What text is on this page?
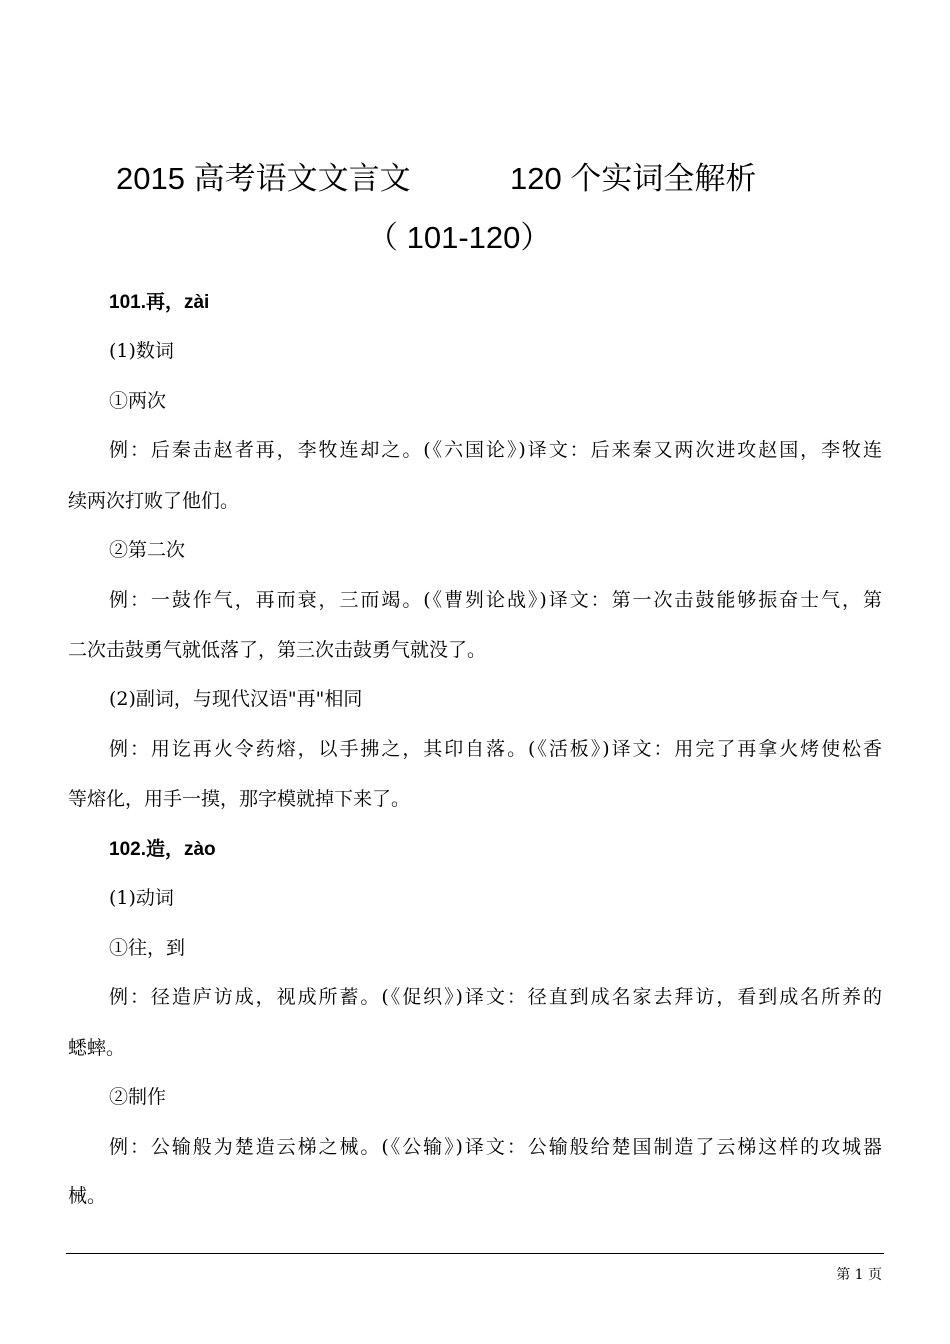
2015 高考语文文言文	120 个实词全解析
（ 101-120）
101.再，zài
(1)数词
①两次
例：后秦击赵者再，李牧连却之。(《六国论》)译文：后来秦又两次进攻赵国，李牧连
续两次打败了他们。
②第二次
例：一鼓作气，再而衰，三而竭。(《曹刿论战》)译文：第一次击鼓能够振奋士气，第
二次击鼓勇气就低落了，第三次击鼓勇气就没了。
(2)副词，与现代汉语"再"相同
例：用讫再火令药熔，以手拂之，其印自落。(《活板》)译文：用完了再拿火烤使松香
等熔化，用手一摸，那字模就掉下来了。
102.造，zào
(1)动词
①往，到
例：径造庐访成，视成所蓄。(《促织》)译文：径直到成名家去拜访，看到成名所养的
蟋蟀。
②制作
例：公输般为楚造云梯之械。(《公输》)译文：公输般给楚国制造了云梯这样的攻城器
械。
第 1 页
